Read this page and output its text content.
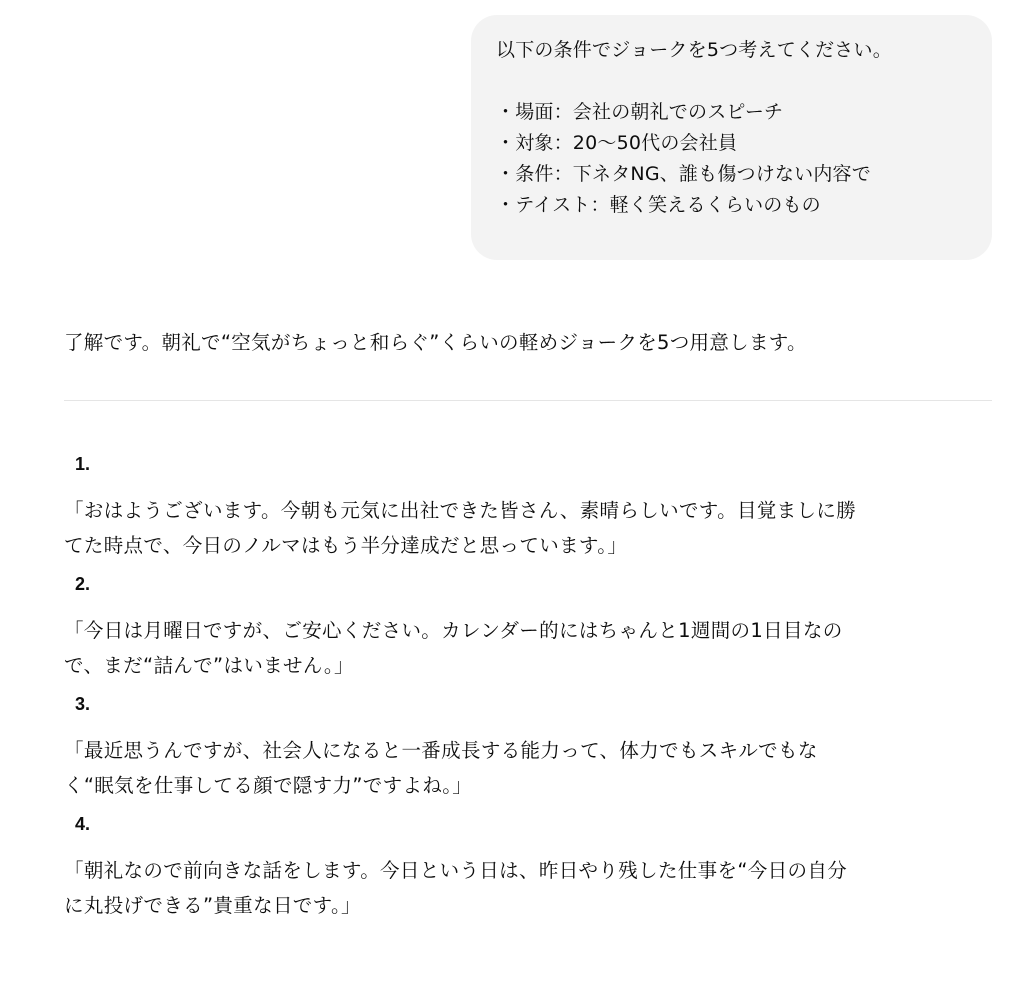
以下の条件でジョークを5つ考えてください。
・場面：会社の朝礼でのスピーチ
・対象：20〜50代の会社員
・条件：下ネタNG、誰も傷つけない内容で
・テイスト：軽く笑えるくらいのもの
了解です。朝礼で“空気がちょっと和らぐ”くらいの軽めジョークを5つ用意します。
1.
「おはようございます。今朝も元気に出社できた皆さん、素晴らしいです。目覚ましに勝
てた時点で、今日のノルマはもう半分達成だと思っています。」
2.
「今日は月曜日ですが、ご安心ください。カレンダー的にはちゃんと1週間の1日目なの
で、まだ“詰んで”はいません。」
3.
「最近思うんですが、社会人になると一番成長する能力って、体力でもスキルでもな
く“眠気を仕事してる顔で隠す力”ですよね。」
4.
「朝礼なので前向きな話をします。今日という日は、昨日やり残した仕事を“今日の自分
に丸投げできる”貴重な日です。」
